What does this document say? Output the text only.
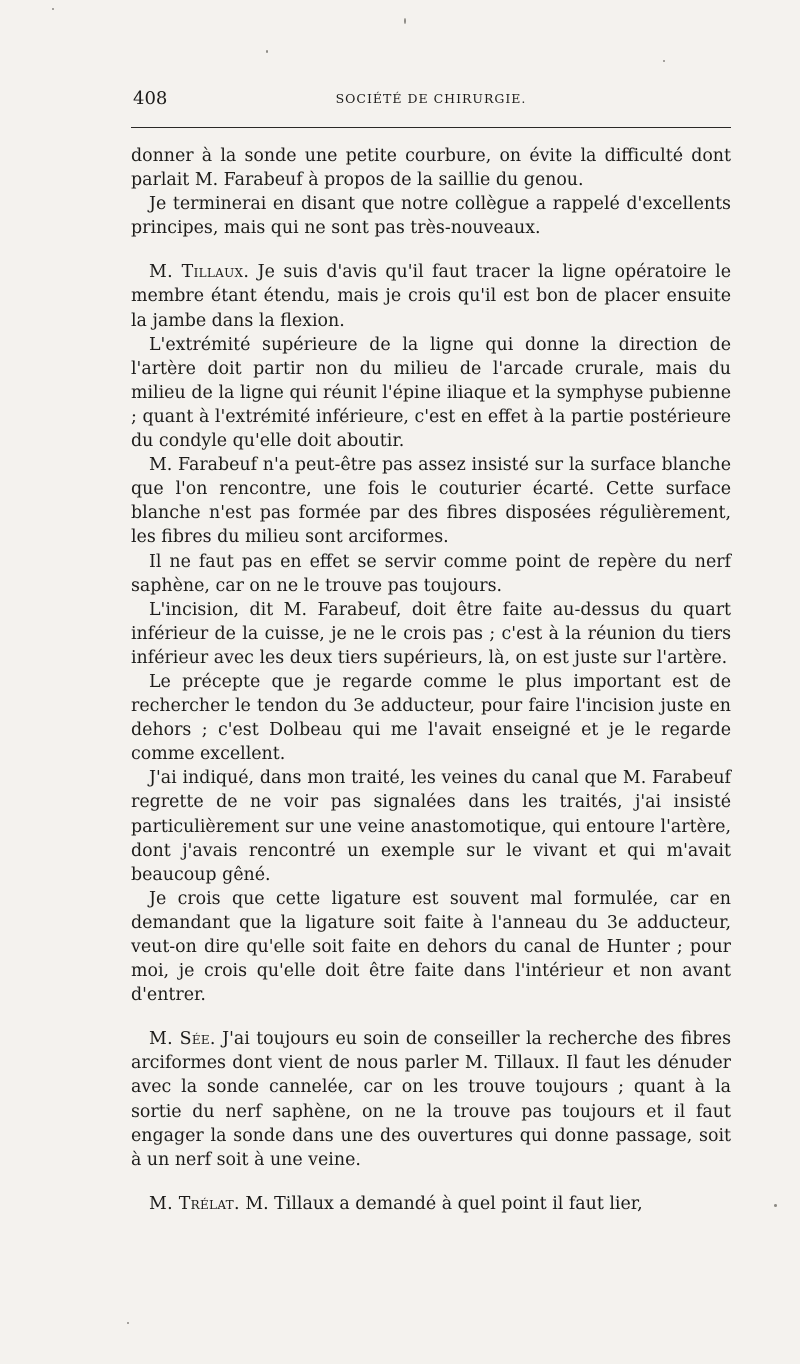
408	SOCIÉTÉ DE CHIRURGIE.

donner à la sonde une petite courbure, on évite la difficulté dont parlait M. Farabeuf à propos de la saillie du genou.

Je terminerai en disant que notre collègue a rappelé d'excellents principes, mais qui ne sont pas très-nouveaux.

M. Tillaux. Je suis d'avis qu'il faut tracer la ligne opératoire le membre étant étendu, mais je crois qu'il est bon de placer ensuite la jambe dans la flexion.

L'extrémité supérieure de la ligne qui donne la direction de l'artère doit partir non du milieu de l'arcade crurale, mais du milieu de la ligne qui réunit l'épine iliaque et la symphyse pubienne ; quant à l'extrémité inférieure, c'est en effet à la partie postérieure du condyle qu'elle doit aboutir.

M. Farabeuf n'a peut-être pas assez insisté sur la surface blanche que l'on rencontre, une fois le couturier écarté. Cette surface blanche n'est pas formée par des fibres disposées régulièrement, les fibres du milieu sont arciformes.

Il ne faut pas en effet se servir comme point de repère du nerf saphène, car on ne le trouve pas toujours.

L'incision, dit M. Farabeuf, doit être faite au-dessus du quart inférieur de la cuisse, je ne le crois pas ; c'est à la réunion du tiers inférieur avec les deux tiers supérieurs, là, on est juste sur l'artère.

Le précepte que je regarde comme le plus important est de rechercher le tendon du 3e adducteur, pour faire l'incision juste en dehors ; c'est Dolbeau qui me l'avait enseigné et je le regarde comme excellent.

J'ai indiqué, dans mon traité, les veines du canal que M. Farabeuf regrette de ne voir pas signalées dans les traités, j'ai insisté particulièrement sur une veine anastomotique, qui entoure l'artère, dont j'avais rencontré un exemple sur le vivant et qui m'avait beaucoup gêné.

Je crois que cette ligature est souvent mal formulée, car en demandant que la ligature soit faite à l'anneau du 3e adducteur, veut-on dire qu'elle soit faite en dehors du canal de Hunter ; pour moi, je crois qu'elle doit être faite dans l'intérieur et non avant d'entrer.

M. Sée. J'ai toujours eu soin de conseiller la recherche des fibres arciformes dont vient de nous parler M. Tillaux. Il faut les dénuder avec la sonde cannelée, car on les trouve toujours ; quant à la sortie du nerf saphène, on ne la trouve pas toujours et il faut engager la sonde dans une des ouvertures qui donne passage, soit à un nerf soit à une veine.

M. Trélat. M. Tillaux a demandé à quel point il faut lier,
